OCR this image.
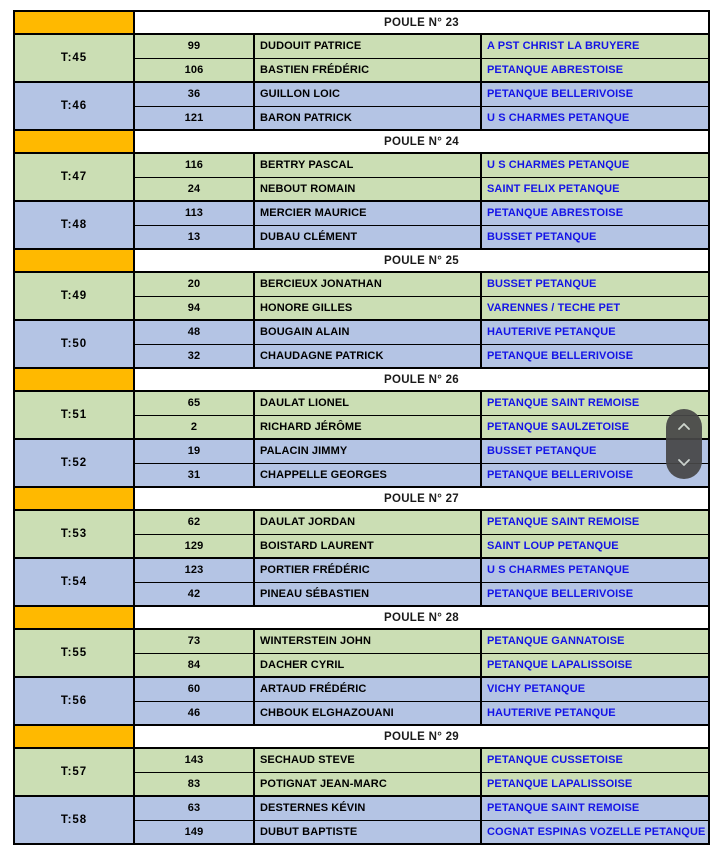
	POULE N° 23		
T:45	99	DUDOUIT PATRICE	A PST CHRIST LA BRUYERE
	106	BASTIEN FRÉDÉRIC	PETANQUE ABRESTOISE
T:46	36	GUILLON LOIC	PETANQUE BELLERIVOISE
	121	BARON PATRICK	U S CHARMES PETANQUE
	POULE N° 24		
T:47	116	BERTRY PASCAL	U S CHARMES PETANQUE
	24	NEBOUT ROMAIN	SAINT FELIX PETANQUE
T:48	113	MERCIER MAURICE	PETANQUE ABRESTOISE
	13	DUBAU CLÉMENT	BUSSET PETANQUE
	POULE N° 25		
T:49	20	BERCIEUX JONATHAN	BUSSET PETANQUE
	94	HONORE GILLES	VARENNES / TECHE PET
T:50	48	BOUGAIN ALAIN	HAUTERIVE PETANQUE
	32	CHAUDAGNE PATRICK	PETANQUE BELLERIVOISE
	POULE N° 26		
T:51	65	DAULAT LIONEL	PETANQUE SAINT REMOISE
	2	RICHARD JÉRÔME	PETANQUE SAULZETOISE
T:52	19	PALACIN JIMMY	BUSSET PETANQUE
	31	CHAPPELLE GEORGES	PETANQUE BELLERIVOISE
	POULE N° 27		
T:53	62	DAULAT JORDAN	PETANQUE SAINT REMOISE
	129	BOISTARD LAURENT	SAINT LOUP PETANQUE
T:54	123	PORTIER FRÉDÉRIC	U S CHARMES PETANQUE
	42	PINEAU SÉBASTIEN	PETANQUE BELLERIVOISE
	POULE N° 28		
T:55	73	WINTERSTEIN JOHN	PETANQUE GANNATOISE
	84	DACHER CYRIL	PETANQUE LAPALISSOISE
T:56	60	ARTAUD FRÉDÉRIC	VICHY PETANQUE
	46	CHBOUK ELGHAZOUANI	HAUTERIVE PETANQUE
	POULE N° 29		
T:57	143	SECHAUD STEVE	PETANQUE CUSSETOISE
	83	POTIGNAT JEAN-MARC	PETANQUE LAPALISSOISE
T:58	63	DESTERNES KÉVIN	PETANQUE SAINT REMOISE
	149	DUBUT BAPTISTE	COGNAT ESPINAS VOZELLE PETANQUE
